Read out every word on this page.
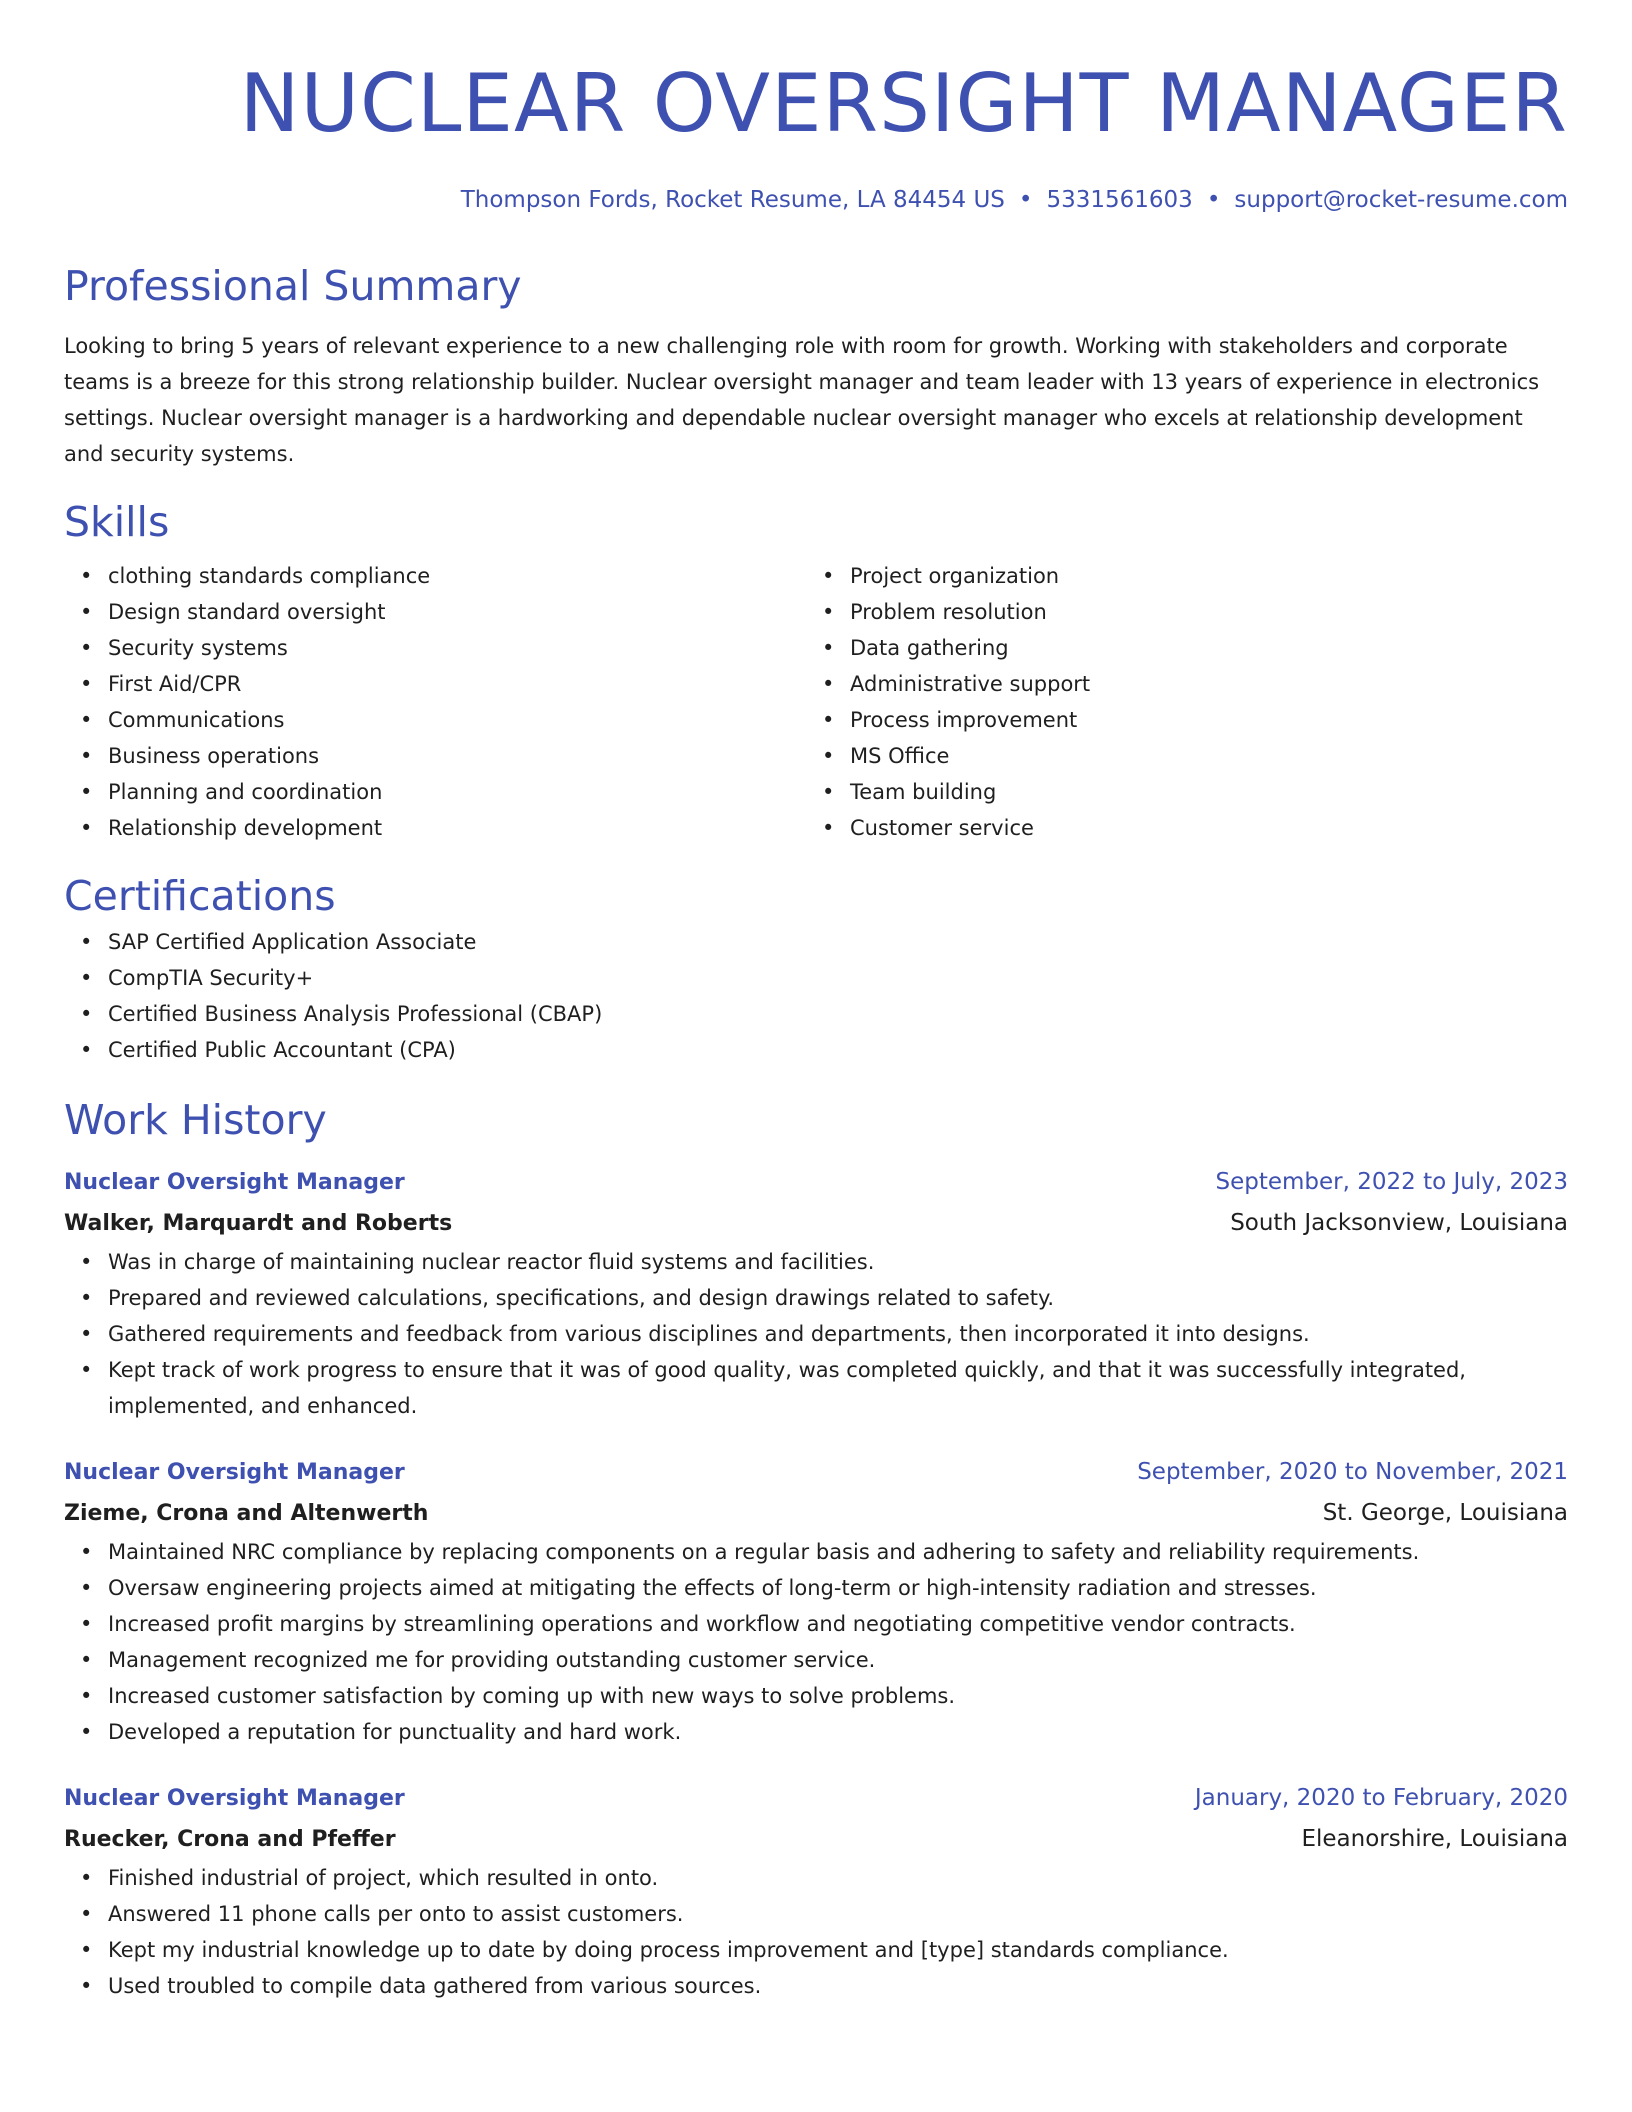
NUCLEAR OVERSIGHT MANAGER
Thompson Fords, Rocket Resume, LA 84454 US • 5331561603 • support@rocket-resume.com
Professional Summary

Looking to bring 5 years of relevant experience to a new challenging role with room for growth. Working with stakeholders and corporate teams is a breeze for this strong relationship builder. Nuclear oversight manager and team leader with 13 years of experience in electronics settings. Nuclear oversight manager is a hardworking and dependable nuclear oversight manager who excels at relationship development and security systems.

Skills
• clothing standards compliance
• Design standard oversight
• Security systems
• First Aid/CPR
• Communications
• Business operations
• Planning and coordination
• Relationship development
• Project organization
• Problem resolution
• Data gathering
• Administrative support
• Process improvement
• MS Office
• Team building
• Customer service
Certifications
• SAP Certified Application Associate
• CompTIA Security+
• Certified Business Analysis Professional (CBAP)
• Certified Public Accountant (CPA)
Work History
Nuclear Oversight Manager	September, 2022 to July, 2023
Walker, Marquardt and Roberts	South Jacksonview, Louisiana
• Was in charge of maintaining nuclear reactor fluid systems and facilities.
• Prepared and reviewed calculations, specifications, and design drawings related to safety.
• Gathered requirements and feedback from various disciplines and departments, then incorporated it into designs.
• Kept track of work progress to ensure that it was of good quality, was completed quickly, and that it was successfully integrated, implemented, and enhanced.
Nuclear Oversight Manager	September, 2020 to November, 2021
Zieme, Crona and Altenwerth	St. George, Louisiana
• Maintained NRC compliance by replacing components on a regular basis and adhering to safety and reliability requirements.
• Oversaw engineering projects aimed at mitigating the effects of long-term or high-intensity radiation and stresses.
• Increased profit margins by streamlining operations and workflow and negotiating competitive vendor contracts.
• Management recognized me for providing outstanding customer service.
• Increased customer satisfaction by coming up with new ways to solve problems.
• Developed a reputation for punctuality and hard work.
Nuclear Oversight Manager	January, 2020 to February, 2020
Ruecker, Crona and Pfeffer	Eleanorshire, Louisiana
• Finished industrial of project, which resulted in onto.
• Answered 11 phone calls per onto to assist customers.
• Kept my industrial knowledge up to date by doing process improvement and [type] standards compliance.
• Used troubled to compile data gathered from various sources.
